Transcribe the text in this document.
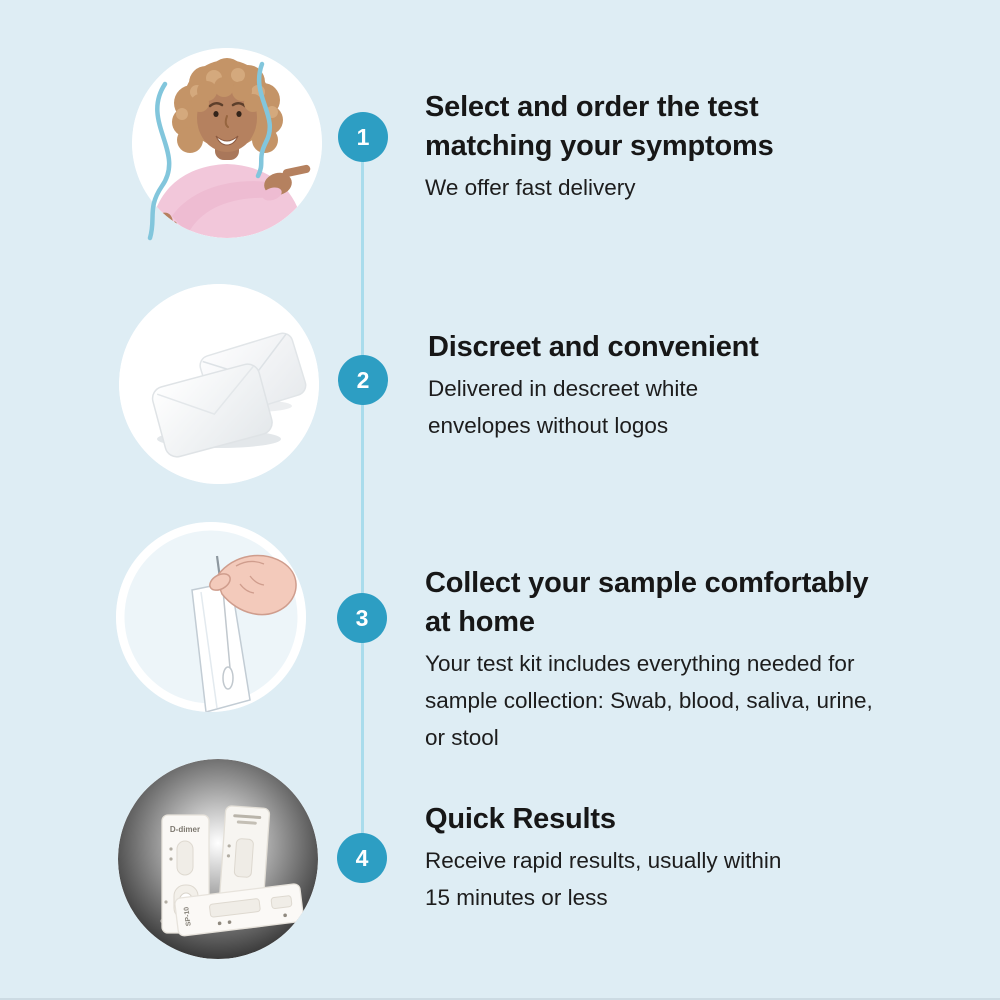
1
Select and order the test
matching your symptoms
We offer fast delivery
2
Discreet and convenient
Delivered in descreet white
envelopes without logos
3
Collect your sample comfortably
at home
Your test kit includes everything needed for
sample collection: Swab, blood, saliva, urine,
or stool
D-dimer
SP-10
4
Quick Results
Receive rapid results, usually within
15 minutes or less
